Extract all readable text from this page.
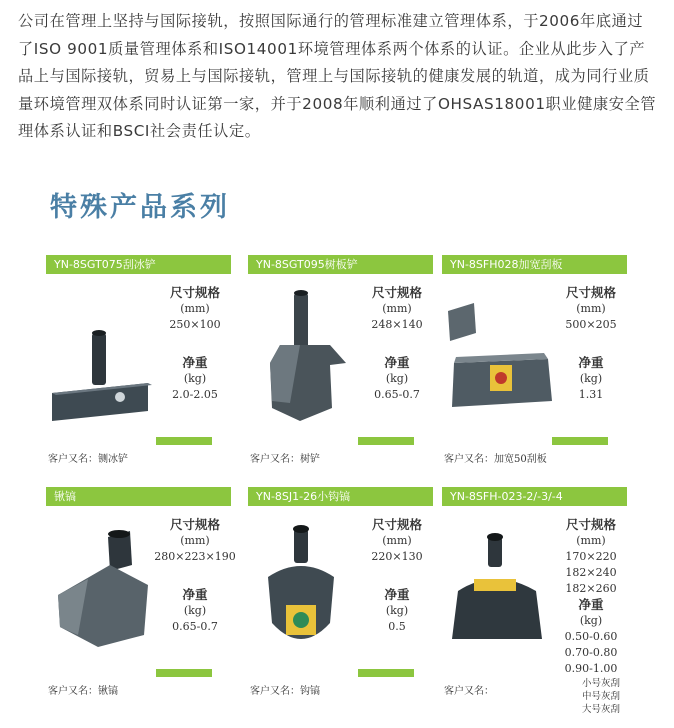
公司在管理上坚持与国际接轨，按照国际通行的管理标准建立管理体系，于2006年底通过了ISO 9001质量管理体系和ISO14001环境管理体系两个体系的认证。企业从此步入了产品上与国际接轨，贸易上与国际接轨，管理上与国际接轨的健康发展的轨道，成为同行业质量环境管理双体系同时认证第一家，并于2008年顺利通过了OHSAS18001职业健康安全管理体系认证和BSCI社会责任认定。
特殊产品系列
YN-8SGT075刮冰铲
尺寸规格
(mm)
250×100
净重
(kg)
2.0-2.05
客户又名：铡冰铲
YN-8SGT095树板铲
尺寸规格
(mm)
248×140
净重
(kg)
0.65-0.7
客户又名：树铲
YN-8SFH028加宽刮板
尺寸规格
(mm)
500×205
净重
(kg)
1.31
客户又名：加宽50刮板
锹镐
尺寸规格
(mm)
280×223×190
净重
(kg)
0.65-0.7
客户又名：锹镐
YN-8SJ1-26小钩镐
尺寸规格
(mm)
220×130
净重
(kg)
0.5
客户又名：钩镐
YN-8SFH-023-2/-3/-4
尺寸规格
(mm)
170×220
182×240
182×260
净重
(kg)
0.50-0.60
0.70-0.80
0.90-1.00
客户又名：
小号灰刮
中号灰刮
大号灰刮
